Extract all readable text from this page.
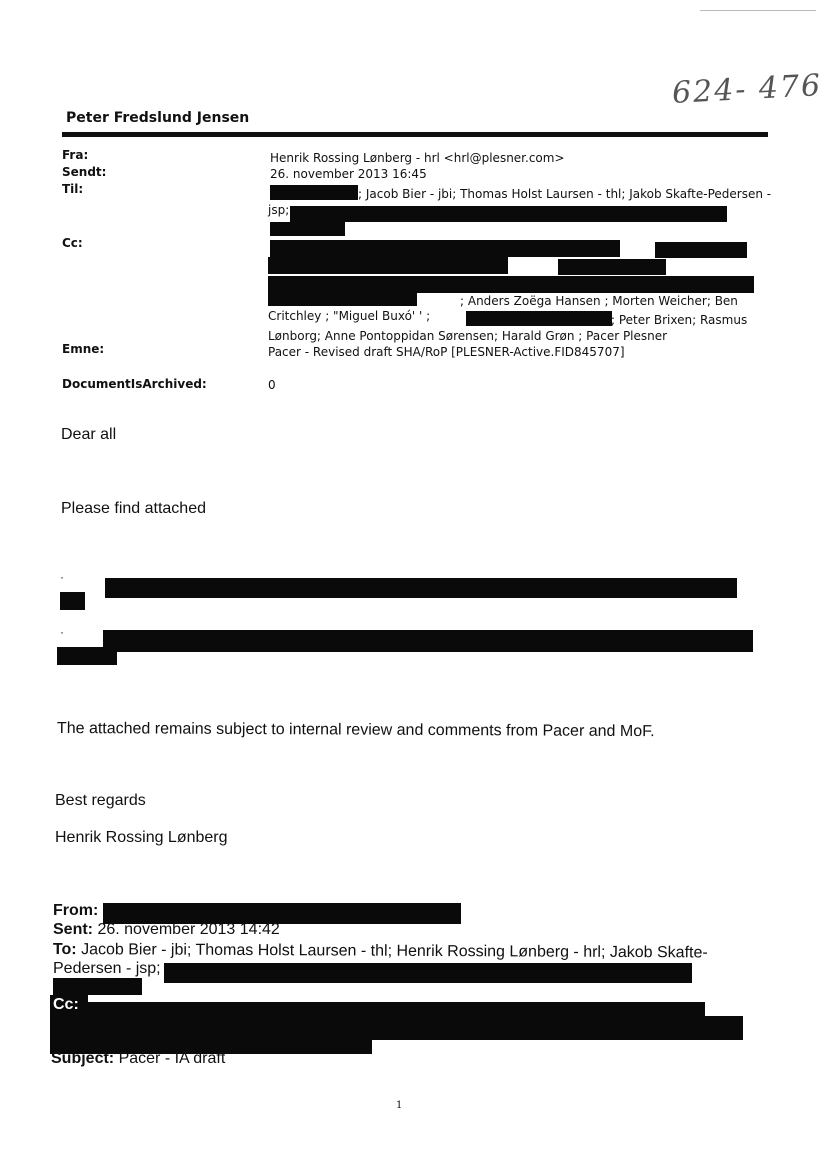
624- 476
Peter Fredslund Jensen
Fra:
Sendt:
Til:
Cc:
Emne:
DocumentIsArchived:
Henrik Rossing Lønberg - hrl <hrl@plesner.com>
26. november 2013 16:45
; Jacob Bier - jbi; Thomas Holst Laursen - thl; Jakob Skafte-Pedersen -
jsp;
; Anders Zoëga Hansen ; Morten Weicher; Ben
Critchley ; "Miguel Buxó' ' ;	; Peter Brixen; Rasmus
Lønborg; Anne Pontoppidan Sørensen; Harald Grøn ; Pacer Plesner
Pacer - Revised draft SHA/RoP [PLESNER-Active.FID845707]
0
Dear all
Please find attached
·
·
The attached remains subject to internal review and comments from Pacer and MoF.
Best regards
Henrik Rossing Lønberg
From:
Sent: 26. november 2013 14:42
To: Jacob Bier - jbi; Thomas Holst Laursen - thl; Henrik Rossing Lønberg - hrl; Jakob Skafte-
Pedersen - jsp;
Cc:
Subject: Pacer - IA draft
1
